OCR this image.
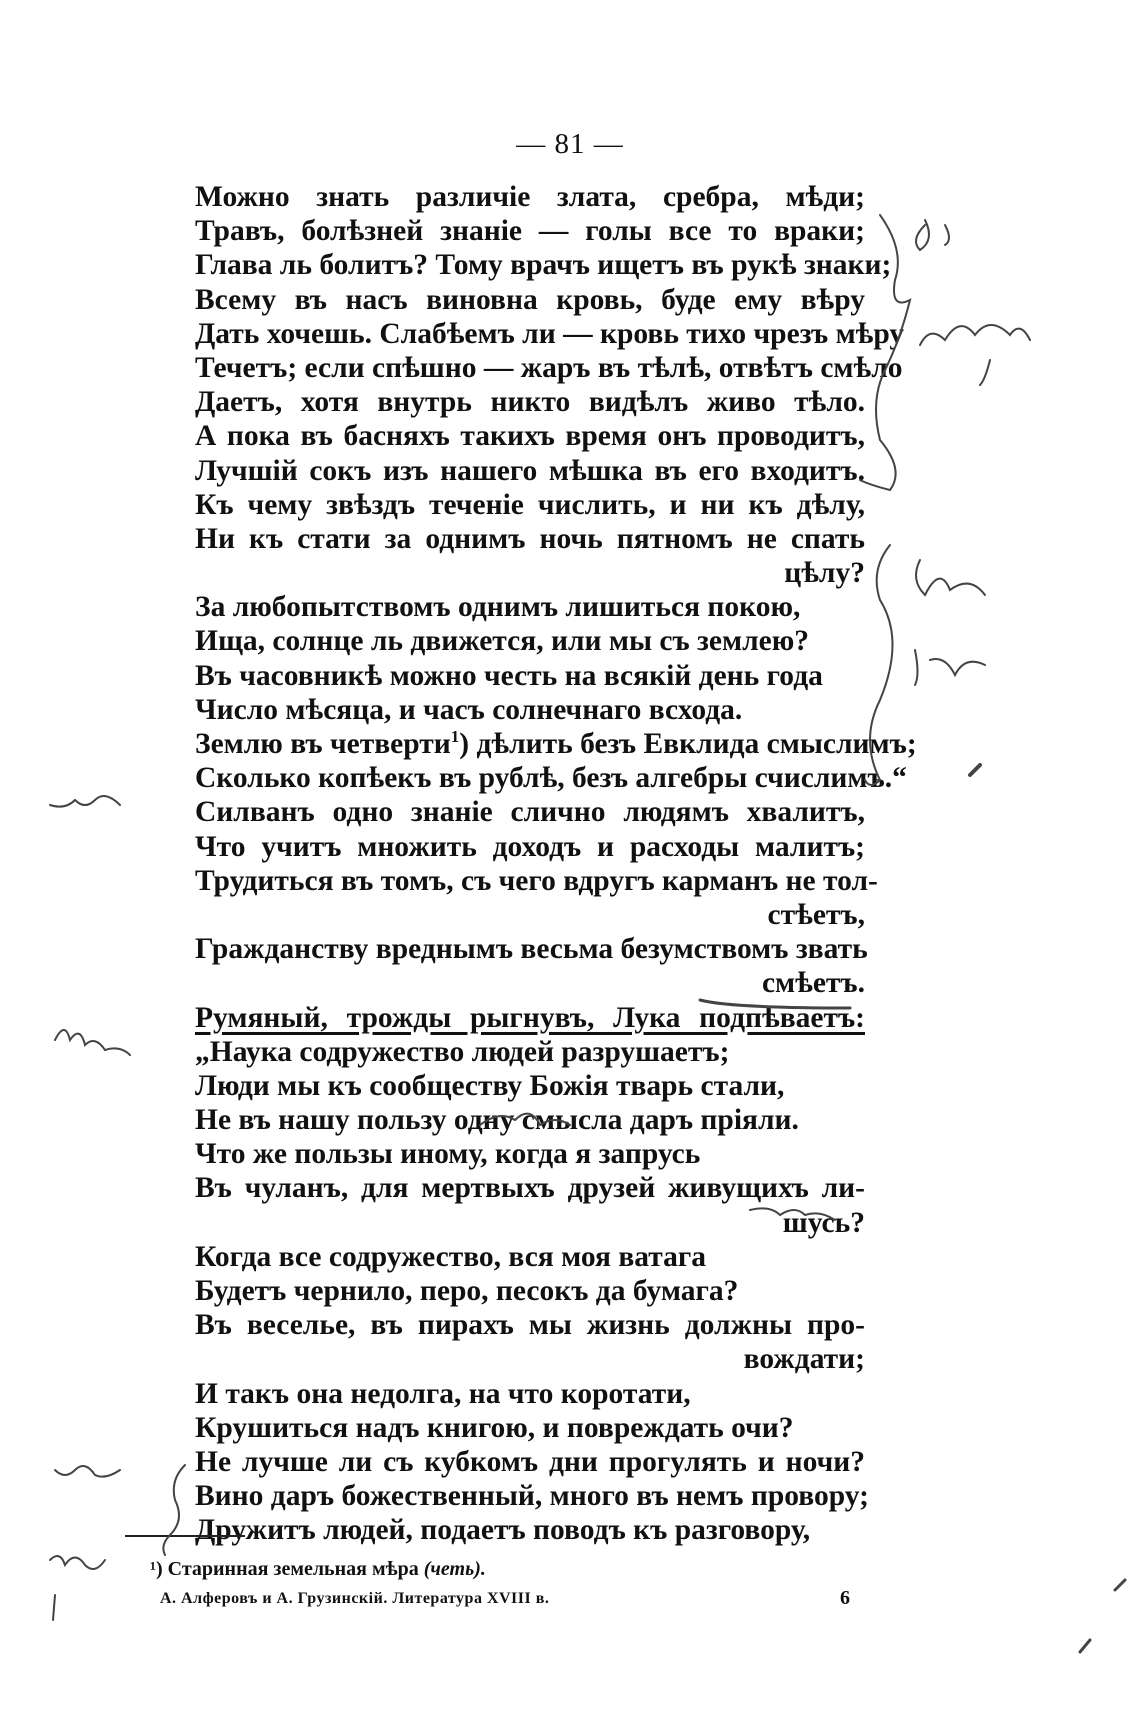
— 81 —
Можно знать различіе злата, сребра, мѣди;
Травъ, болѣзней знаніе — голы все то враки;
Глава ль болитъ? Тому врачъ ищетъ въ рукѣ знаки;
Всему въ насъ виновна кровь, буде ему вѣру
Дать хочешь. Слабѣемъ ли — кровь тихо чрезъ мѣру
Течетъ; если спѣшно — жаръ въ тѣлѣ, отвѣтъ смѣло
Даетъ, хотя внутрь никто видѣлъ живо тѣло.
А пока въ басняхъ такихъ время онъ проводитъ,
Лучшій сокъ изъ нашего мѣшка въ его входитъ.
Къ чему звѣздъ теченіе числить, и ни къ дѣлу,
Ни къ стати за однимъ ночь пятномъ не спать
цѣлу?
За любопытствомъ однимъ лишиться покою,
Ища, солнце ль движется, или мы съ землею?
Въ часовникѣ можно честь на всякій день года
Число мѣсяца, и часъ солнечнаго всхода.
Землю въ четверти$^1$) дѣлить безъ Евклида смыслимъ;
Сколько копѣекъ въ рублѣ, безъ алгебры счислимъ.“
Силванъ одно знаніе слично людямъ хвалитъ,
Что учитъ множить доходъ и расходы малитъ;
Трудиться въ томъ, съ чего вдругъ карманъ не тол-
стѣетъ,
Гражданству вреднымъ весьма безумствомъ звать
смѣетъ.
Румяный, трожды рыгнувъ, Лука подпѣваетъ:
„Наука содружество людей разрушаетъ;
Люди мы къ сообществу Божія тварь стали,
Не въ нашу пользу одну смысла даръ пріяли.
Что же пользы иному, когда я запрусь
Въ чуланъ, для мертвыхъ друзей живущихъ ли-
шусь?
Когда все содружество, вся моя ватага
Будетъ чернило, перо, песокъ да бумага?
Въ веселье, въ пирахъ мы жизнь должны про-
вождати;
И такъ она недолга, на что коротати,
Крушиться надъ книгою, и повреждать очи?
Не лучше ли съ кубкомъ дни прогулять и ночи?
Вино даръ божественный, много въ немъ провору;
Дружитъ людей, подаетъ поводъ къ разговору,
¹) Старинная земельная мѣра (четь).
А. Алферовъ и А. Грузинскій. Литература XVIII в.	6
